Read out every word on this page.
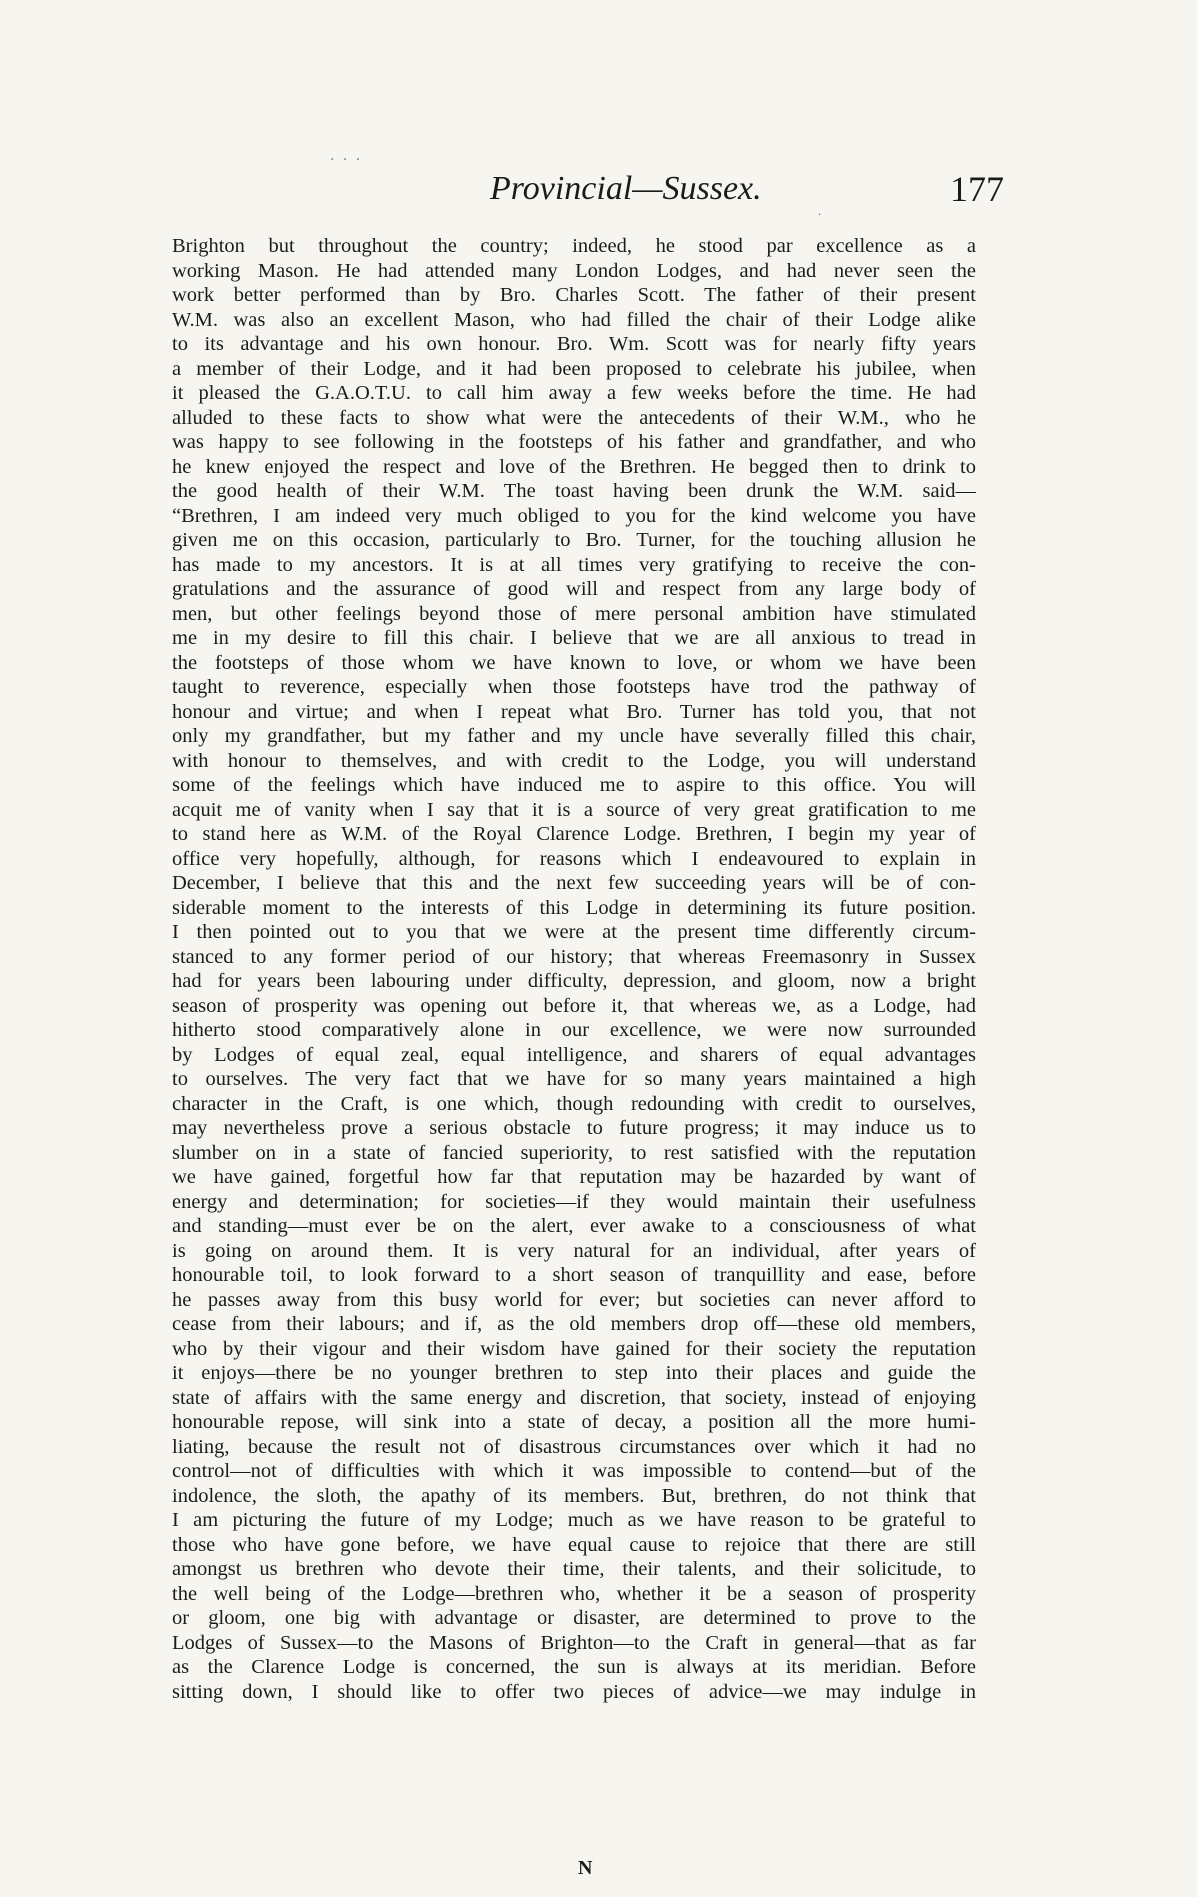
. . .
Provincial—Sussex.	177
·
Brighton but throughout the country; indeed, he stood par excellence as a
working Mason. He had attended many London Lodges, and had never seen the
work better performed than by Bro. Charles Scott. The father of their present
W.M. was also an excellent Mason, who had filled the chair of their Lodge alike
to its advantage and his own honour. Bro. Wm. Scott was for nearly fifty years
a member of their Lodge, and it had been proposed to celebrate his jubilee, when
it pleased the G.A.O.T.U. to call him away a few weeks before the time. He had
alluded to these facts to show what were the antecedents of their W.M., who he
was happy to see following in the footsteps of his father and grandfather, and who
he knew enjoyed the respect and love of the Brethren. He begged then to drink to
the good health of their W.M. The toast having been drunk the W.M. said—
“Brethren, I am indeed very much obliged to you for the kind welcome you have
given me on this occasion, particularly to Bro. Turner, for the touching allusion he
has made to my ancestors. It is at all times very gratifying to receive the con-
gratulations and the assurance of good will and respect from any large body of
men, but other feelings beyond those of mere personal ambition have stimulated
me in my desire to fill this chair. I believe that we are all anxious to tread in
the footsteps of those whom we have known to love, or whom we have been
taught to reverence, especially when those footsteps have trod the pathway of
honour and virtue; and when I repeat what Bro. Turner has told you, that not
only my grandfather, but my father and my uncle have severally filled this chair,
with honour to themselves, and with credit to the Lodge, you will understand
some of the feelings which have induced me to aspire to this office. You will
acquit me of vanity when I say that it is a source of very great gratification to me
to stand here as W.M. of the Royal Clarence Lodge. Brethren, I begin my year of
office very hopefully, although, for reasons which I endeavoured to explain in
December, I believe that this and the next few succeeding years will be of con-
siderable moment to the interests of this Lodge in determining its future position.
I then pointed out to you that we were at the present time differently circum-
stanced to any former period of our history; that whereas Freemasonry in Sussex
had for years been labouring under difficulty, depression, and gloom, now a bright
season of prosperity was opening out before it, that whereas we, as a Lodge, had
hitherto stood comparatively alone in our excellence, we were now surrounded
by Lodges of equal zeal, equal intelligence, and sharers of equal advantages
to ourselves. The very fact that we have for so many years maintained a high
character in the Craft, is one which, though redounding with credit to ourselves,
may nevertheless prove a serious obstacle to future progress; it may induce us to
slumber on in a state of fancied superiority, to rest satisfied with the reputation
we have gained, forgetful how far that reputation may be hazarded by want of
energy and determination; for societies—if they would maintain their usefulness
and standing—must ever be on the alert, ever awake to a consciousness of what
is going on around them. It is very natural for an individual, after years of
honourable toil, to look forward to a short season of tranquillity and ease, before
he passes away from this busy world for ever; but societies can never afford to
cease from their labours; and if, as the old members drop off—these old members,
who by their vigour and their wisdom have gained for their society the reputation
it enjoys—there be no younger brethren to step into their places and guide the
state of affairs with the same energy and discretion, that society, instead of enjoying
honourable repose, will sink into a state of decay, a position all the more humi-
liating, because the result not of disastrous circumstances over which it had no
control—not of difficulties with which it was impossible to contend—but of the
indolence, the sloth, the apathy of its members. But, brethren, do not think that
I am picturing the future of my Lodge; much as we have reason to be grateful to
those who have gone before, we have equal cause to rejoice that there are still
amongst us brethren who devote their time, their talents, and their solicitude, to
the well being of the Lodge—brethren who, whether it be a season of prosperity
or gloom, one big with advantage or disaster, are determined to prove to the
Lodges of Sussex—to the Masons of Brighton—to the Craft in general—that as far
as the Clarence Lodge is concerned, the sun is always at its meridian. Before
sitting down, I should like to offer two pieces of advice—we may indulge in
N
